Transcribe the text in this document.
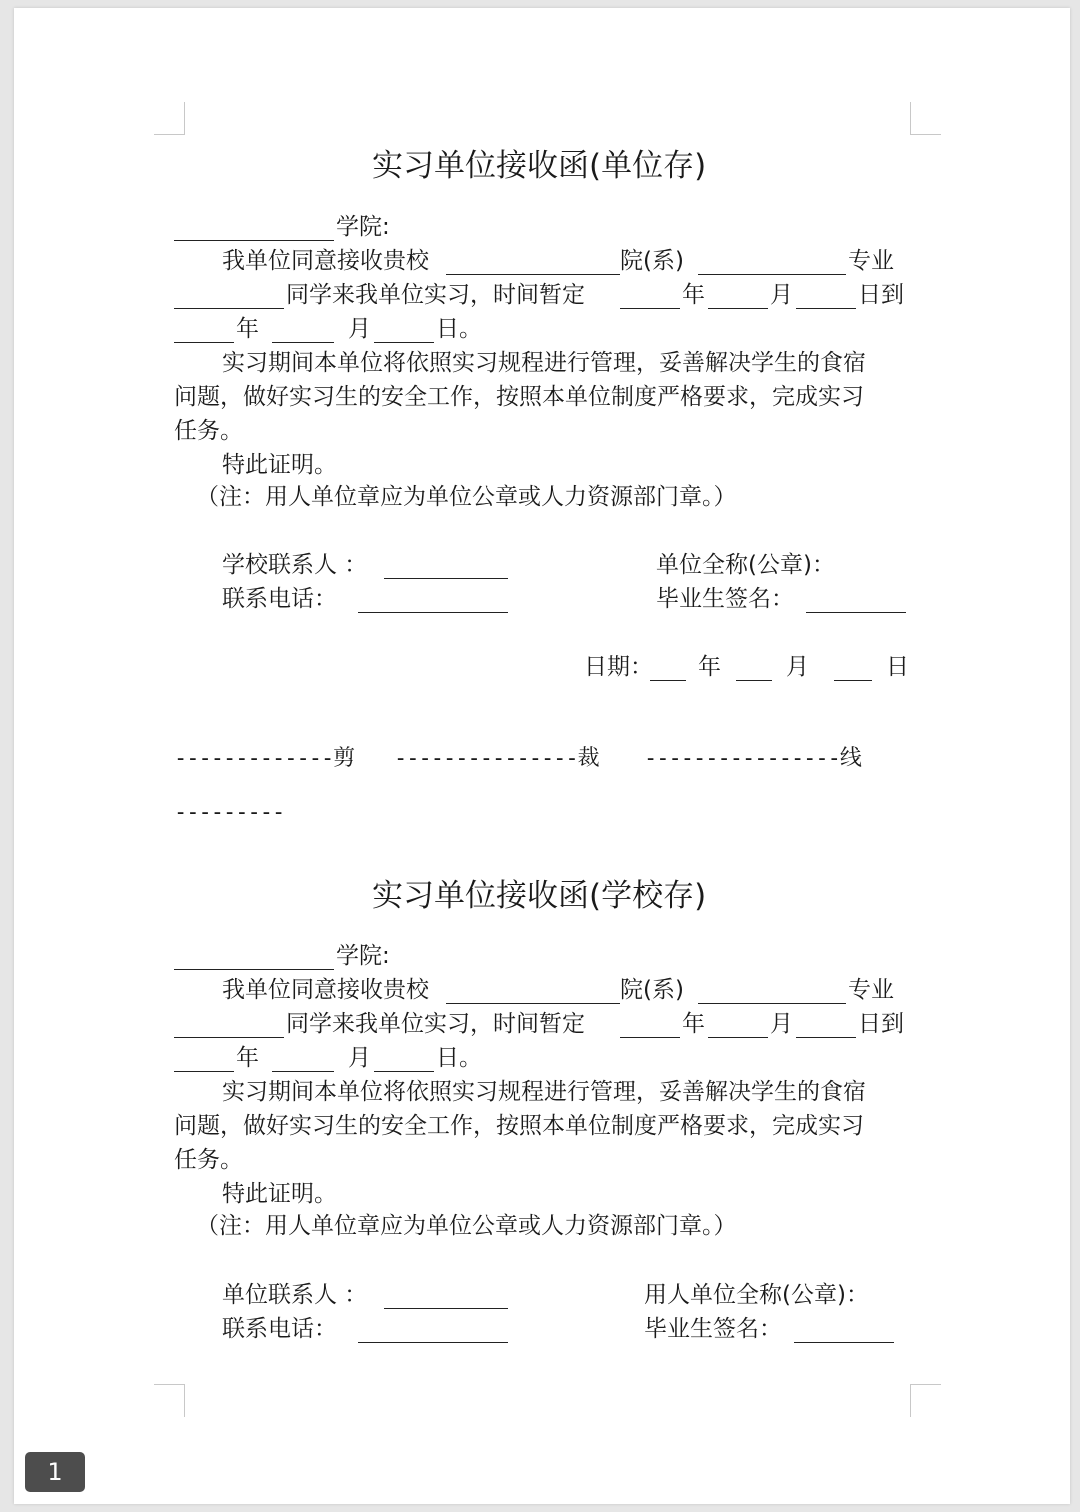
实习单位接收函(单位存)
学院:
我单位同意接收贵校	院(系)	专业
同学来我单位实习，时间暂定	年	月	日到
年	月	日。
实习期间本单位将依照实习规程进行管理，妥善解决学生的食宿
问题，做好实习生的安全工作，按照本单位制度严格要求，完成实习
任务。
特此证明。
（注：用人单位章应为单位公章或人力资源部门章。）
学校联系人 ：	单位全称(公章)：
联系电话：	毕业生签名：
日期： 年	月	日
-------------剪 ---------------裁 ----------------线
---------
实习单位接收函(学校存)
学院:
我单位同意接收贵校	院(系)	专业
同学来我单位实习，时间暂定	年	月	日到
年	月	日。
实习期间本单位将依照实习规程进行管理，妥善解决学生的食宿
问题，做好实习生的安全工作，按照本单位制度严格要求，完成实习
任务。
特此证明。
（注：用人单位章应为单位公章或人力资源部门章。）
单位联系人 ：	用人单位全称(公章)：
联系电话：	毕业生签名：
1
